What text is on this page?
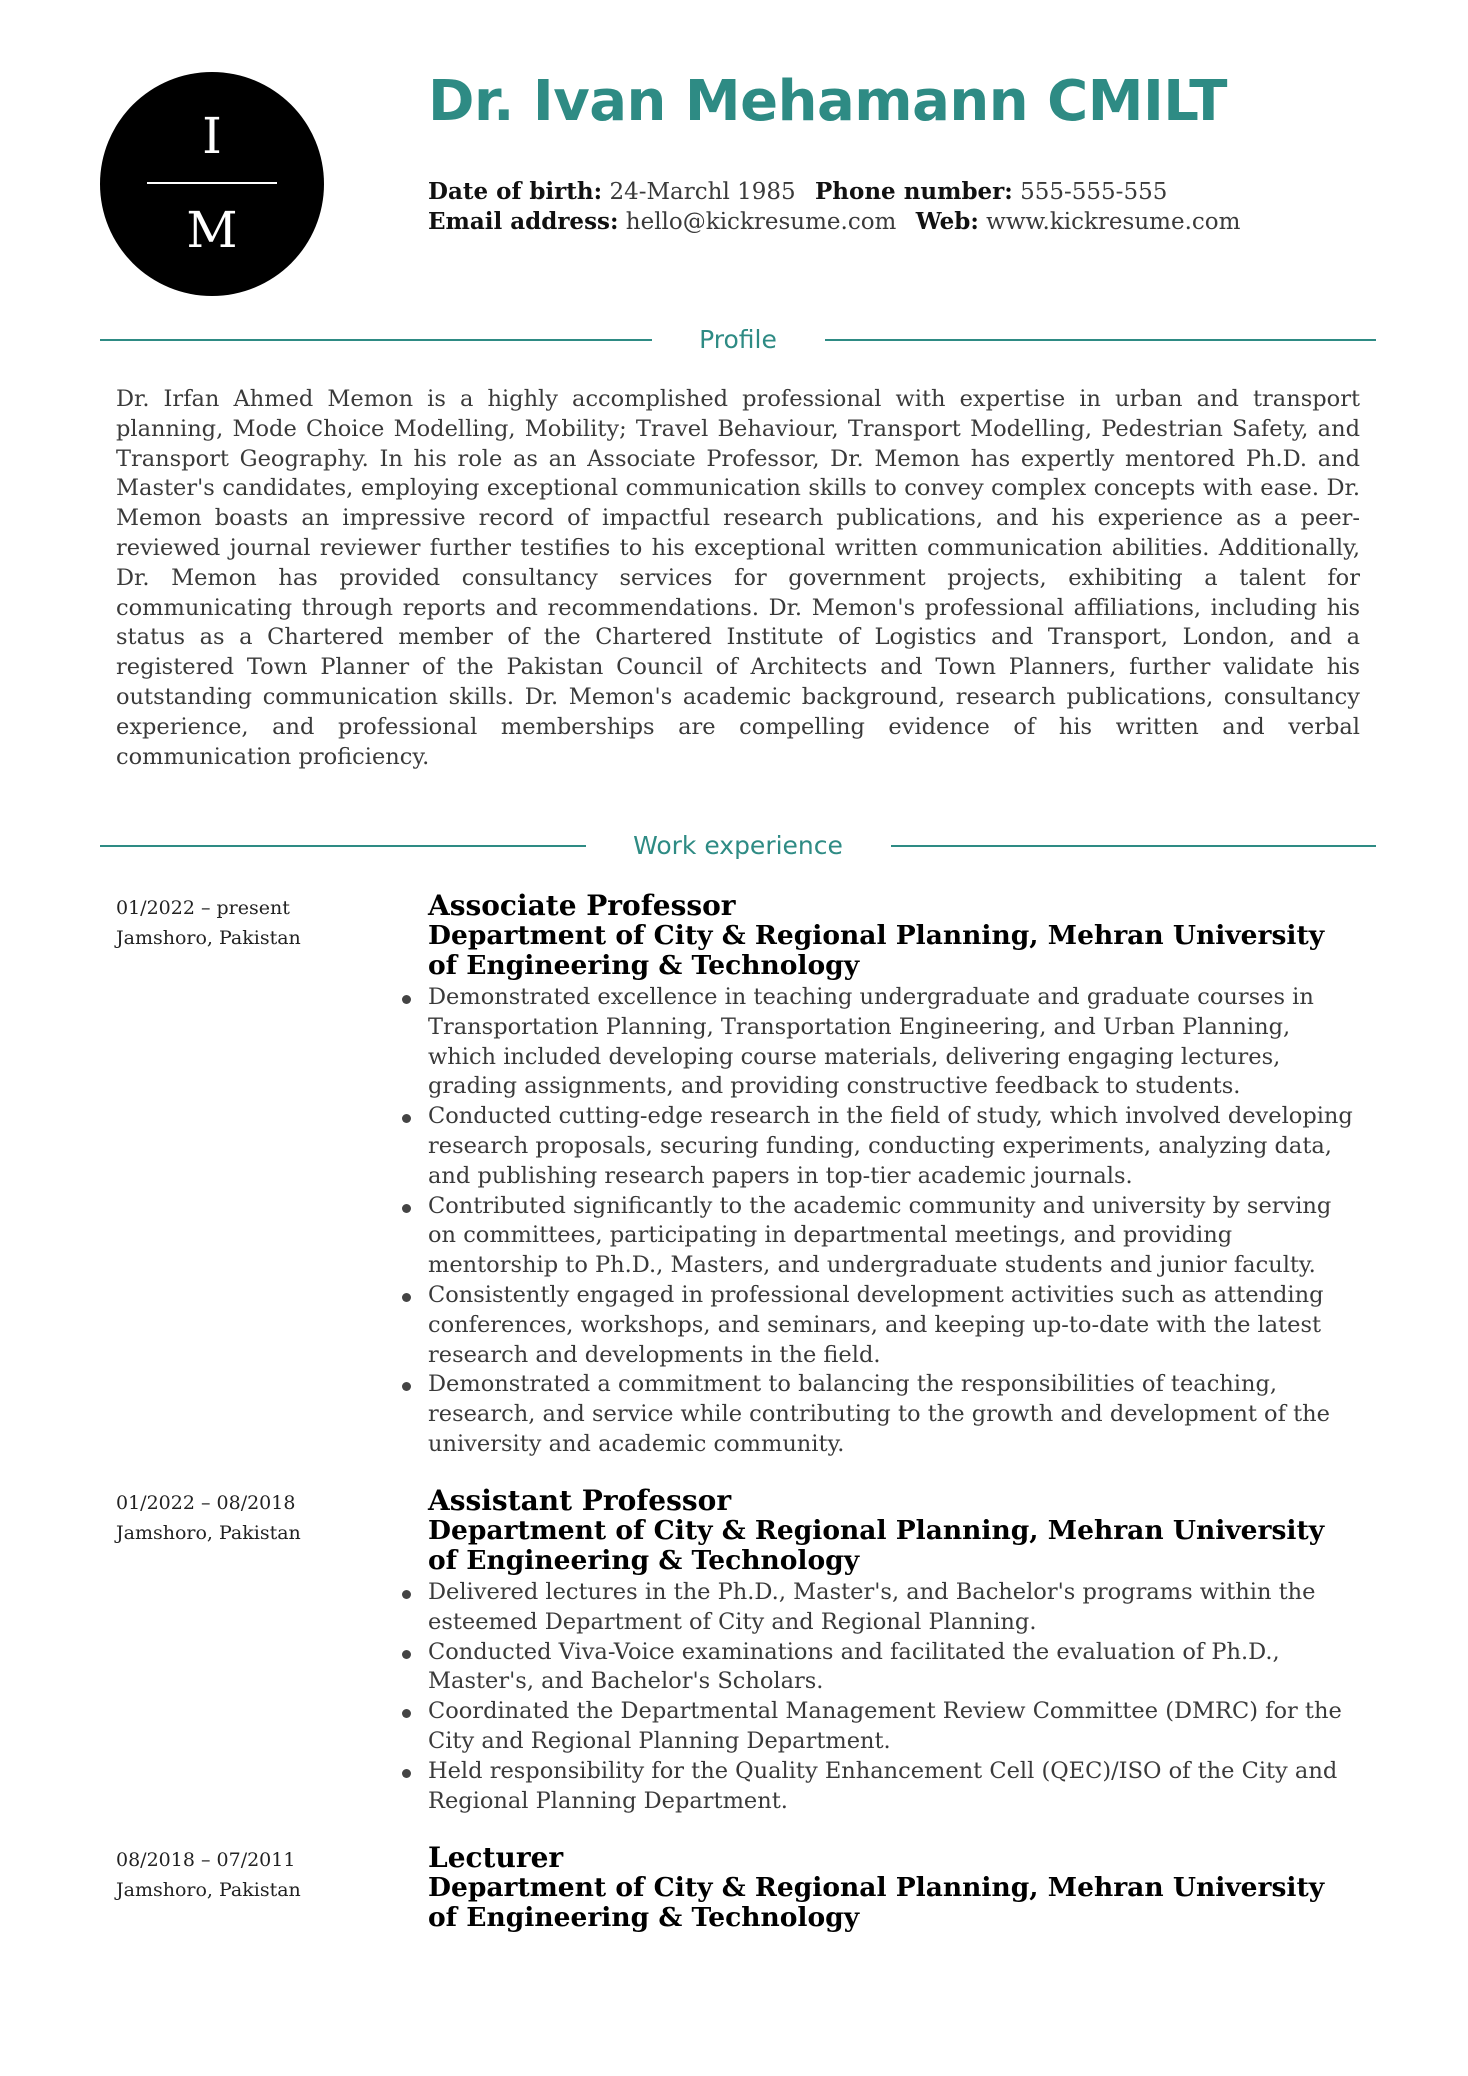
I
M
Dr. Ivan Mehamann CMILT
Date of birth: 24-Marchl 1985 Phone number: 555-555-555
Email address: hello@kickresume.com Web: www.kickresume.com
Profile

Dr. Irfan Ahmed Memon is a highly accomplished professional with expertise in urban and transport planning, Mode Choice Modelling, Mobility; Travel Behaviour, Transport Modelling, Pedestrian Safety, and Transport Geography. In his role as an Associate Professor, Dr. Memon has expertly mentored Ph.D. and Master's candidates, employing exceptional communication skills to convey complex concepts with ease. Dr. Memon boasts an impressive record of impactful research publications, and his experience as a peer-reviewed journal reviewer further testifies to his exceptional written communication abilities. Additionally, Dr. Memon has provided consultancy services for government projects, exhibiting a talent for communicating through reports and recommendations. Dr. Memon's professional affiliations, including his status as a Chartered member of the Chartered Institute of Logistics and Transport, London, and a registered Town Planner of the Pakistan Council of Architects and Town Planners, further validate his outstanding communication skills. Dr. Memon's academic background, research publications, consultancy experience, and professional memberships are compelling evidence of his written and verbal communication proficiency.

Work experience
01/2022 – present
Jamshoro, Pakistan
Associate Professor
Department of City & Regional Planning, Mehran University of Engineering & Technology
Demonstrated excellence in teaching undergraduate and graduate courses in Transportation Planning, Transportation Engineering, and Urban Planning, which included developing course materials, delivering engaging lectures, grading assignments, and providing constructive feedback to students.
Conducted cutting-edge research in the field of study, which involved developing research proposals, securing funding, conducting experiments, analyzing data, and publishing research papers in top-tier academic journals.
Contributed significantly to the academic community and university by serving on committees, participating in departmental meetings, and providing mentorship to Ph.D., Masters, and undergraduate students and junior faculty.
Consistently engaged in professional development activities such as attending conferences, workshops, and seminars, and keeping up-to-date with the latest research and developments in the field.
Demonstrated a commitment to balancing the responsibilities of teaching, research, and service while contributing to the growth and development of the university and academic community.
01/2022 – 08/2018
Jamshoro, Pakistan
Assistant Professor
Department of City & Regional Planning, Mehran University of Engineering & Technology
Delivered lectures in the Ph.D., Master's, and Bachelor's programs within the esteemed Department of City and Regional Planning.
Conducted Viva-Voice examinations and facilitated the evaluation of Ph.D., Master's, and Bachelor's Scholars.
Coordinated the Departmental Management Review Committee (DMRC) for the City and Regional Planning Department.
Held responsibility for the Quality Enhancement Cell (QEC)/ISO of the City and Regional Planning Department.
08/2018 – 07/2011
Jamshoro, Pakistan
Lecturer
Department of City & Regional Planning, Mehran University of Engineering & Technology
